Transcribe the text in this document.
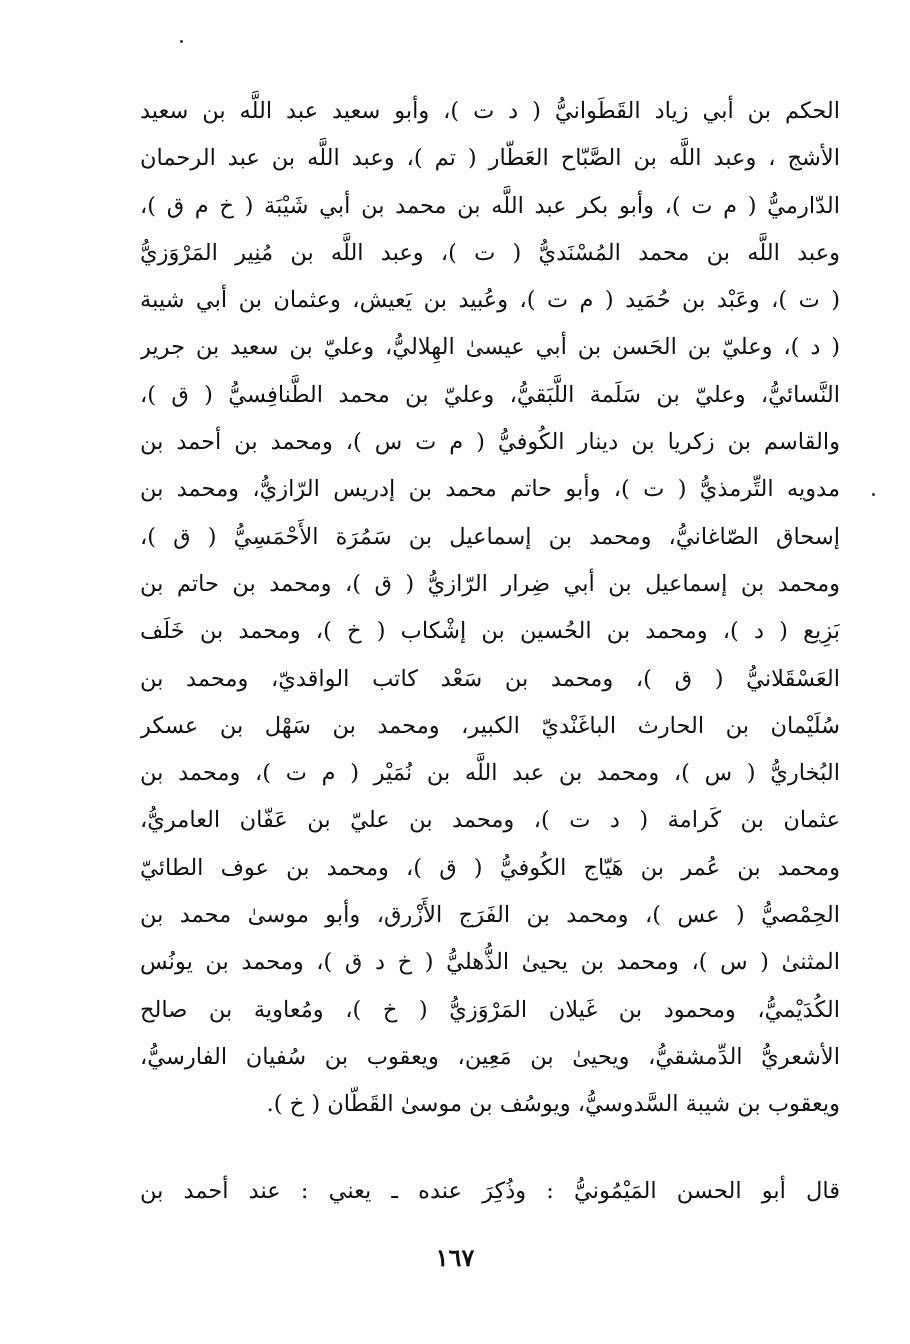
الحكم بن أبي زياد القَطَوانيُّ ( د ت )، وأبو سعيد عبد اللَّه بن سعيد
الأشج ، وعبد اللَّه بن الصَّبّاح العَطّار ( تم )، وعبد اللَّه بن عبد الرحمان
الدّارميُّ ( م ت )، وأبو بكر عبد اللَّه بن محمد بن أبي شَيْبَة ( خ م ق )،
وعبد اللَّه بن محمد المُسْنَديُّ ( ت )، وعبد اللَّه بن مُنِير المَرْوَزيُّ
( ت )، وعَبْد بن حُمَيد ( م ت )، وعُبيد بن يَعيش، وعثمان بن أبي شيبة
( د )، وعليّ بن الحَسن بن أبي عيسىٰ الهِلاليُّ، وعليّ بن سعيد بن جرير
النَّسائيُّ، وعليّ بن سَلَمة اللَّبَقيُّ، وعليّ بن محمد الطَّنافِسيُّ ( ق )،
والقاسم بن زكريا بن دينار الكُوفيُّ ( م ت س )، ومحمد بن أحمد بن
مدويه التِّرمذيُّ ( ت )، وأبو حاتم محمد بن إدريس الرّازيُّ، ومحمد بن
إسحاق الصّاغانيُّ، ومحمد بن إسماعيل بن سَمُرَة الأَحْمَسِيُّ ( ق )،
ومحمد بن إسماعيل بن أبي ضِرار الرّازيُّ ( ق )، ومحمد بن حاتم بن
بَزِيع ( د )، ومحمد بن الحُسين بن إشْكاب ( خ )، ومحمد بن خَلَف
العَسْقَلانيُّ ( ق )، ومحمد بن سَعْد كاتب الواقديّ، ومحمد بن
سُلَيْمان بن الحارث الباغَنْديّ الكبير، ومحمد بن سَهْل بن عسكر
البُخاريُّ ( س )، ومحمد بن عبد اللَّه بن نُمَيْر ( م ت )، ومحمد بن
عثمان بن كَرامة ( د ت )، ومحمد بن عليّ بن عَفّان العامريُّ،
ومحمد بن عُمر بن هَيّاج الكُوفيُّ ( ق )، ومحمد بن عوف الطائيّ
الحِمْصيُّ ( عس )، ومحمد بن الفَرَج الأَزْرق، وأبو موسىٰ محمد بن
المثنىٰ ( س )، ومحمد بن يحيىٰ الذُّهليُّ ( خ د ق )، ومحمد بن يونُس
الكُدَيْميُّ، ومحمود بن غَيلان المَرْوَزيُّ ( خ )، ومُعاوية بن صالح
الأشعريُّ الدِّمشقيُّ، ويحيىٰ بن مَعِين، ويعقوب بن سُفيان الفارسيُّ،
ويعقوب بن شيبة السَّدوسيُّ، ويوسُف بن موسىٰ القَطّان ( خ ).
قال أبو الحسن المَيْمُونيُّ : وذُكِرَ عنده ـ يعني : عند أحمد بن
١٦٧
